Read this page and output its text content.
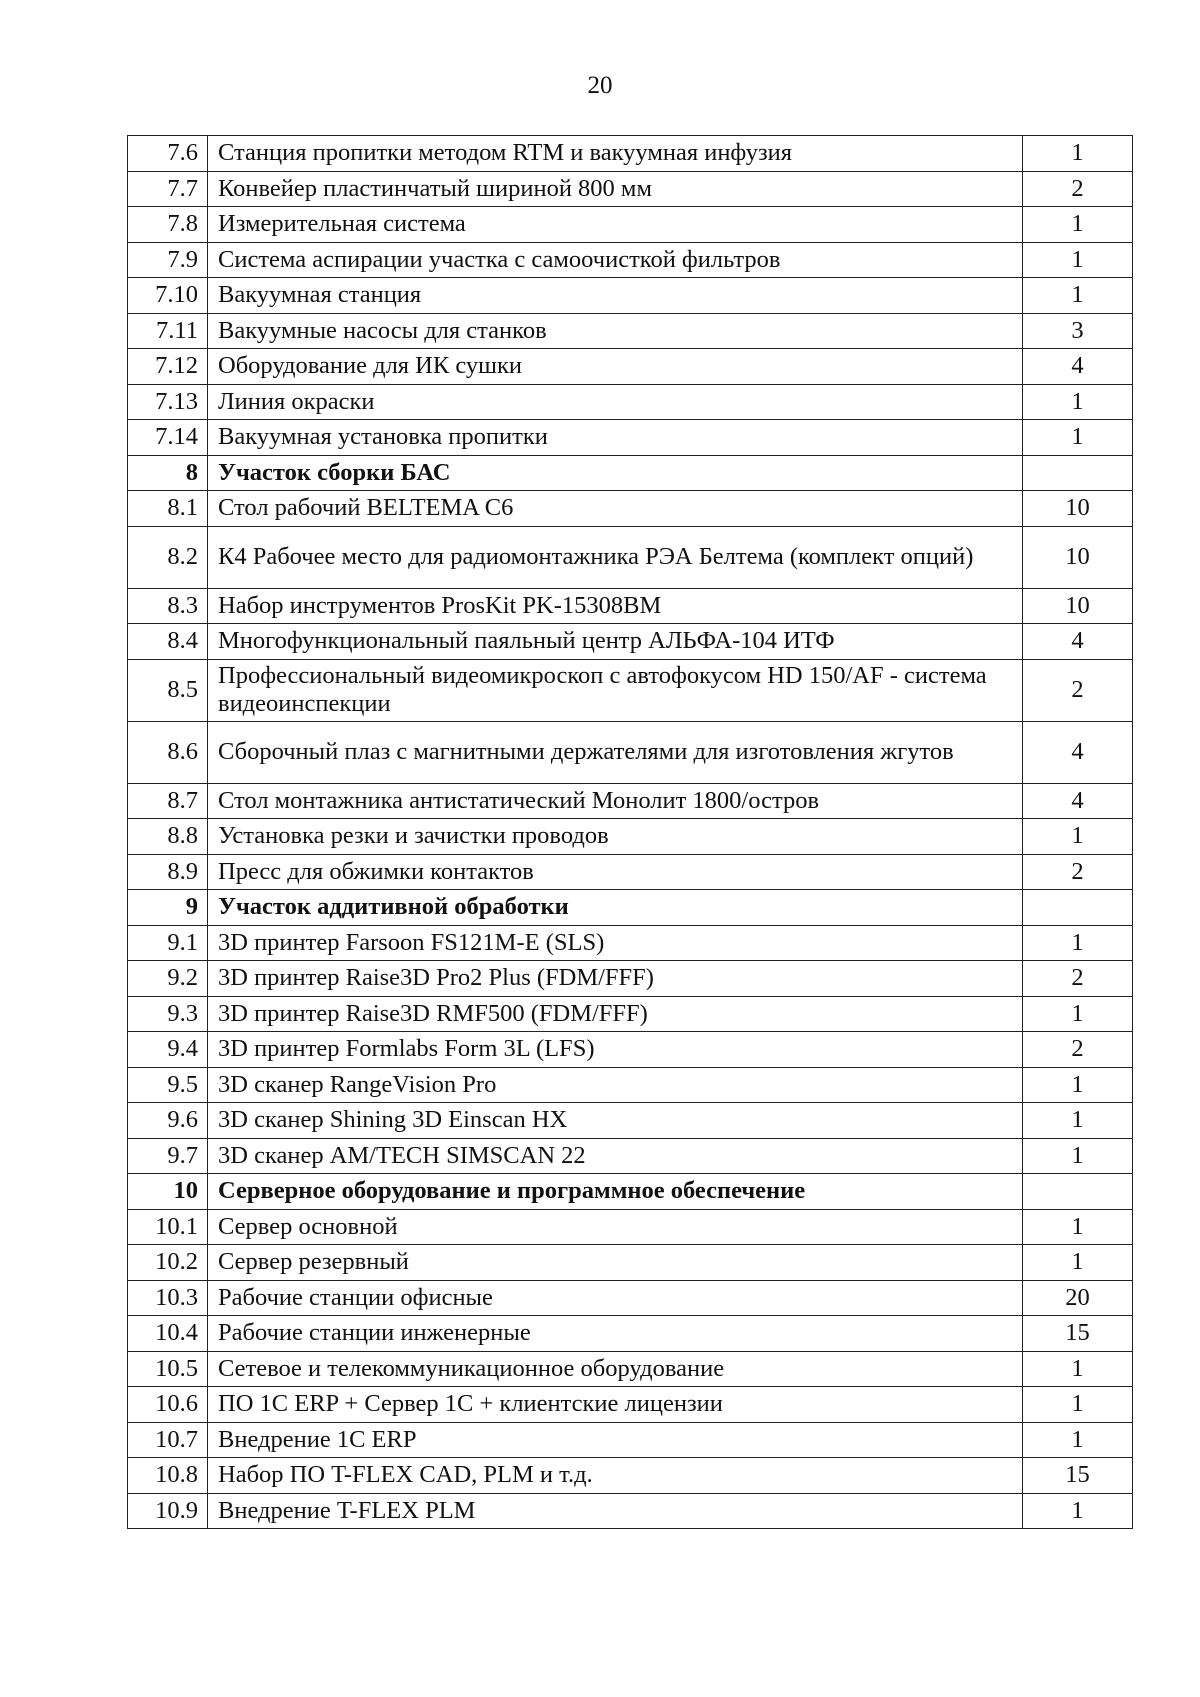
20
7.6	Станция пропитки методом RTM и вакуумная инфузия	1
7.7	Конвейер пластинчатый шириной 800 мм	2
7.8	Измерительная система	1
7.9	Система аспирации участка с самоочисткой фильтров	1
7.10	Вакуумная станция	1
7.11	Вакуумные насосы для станков	3
7.12	Оборудование для ИК сушки	4
7.13	Линия окраски	1
7.14	Вакуумная установка пропитки	1
8	Участок сборки БАС	
8.1	Стол рабочий BELTEMA C6	10
8.2	К4 Рабочее место для радиомонтажника РЭА Белтема (комплект опций)	10
8.3	Набор инструментов ProsKit PK-15308BM	10
8.4	Многофункциональный паяльный центр АЛЬФА-104 ИТФ	4
8.5	Профессиональный видеомикроскоп с автофокусом HD 150/AF - система видеоинспекции	2
8.6	Сборочный плаз с магнитными держателями для изготовления жгутов	4
8.7	Стол монтажника антистатический Монолит 1800/остров	4
8.8	Установка резки и зачистки проводов	1
8.9	Пресс для обжимки контактов	2
9	Участок аддитивной обработки	
9.1	3D принтер Farsoon FS121M-E (SLS)	1
9.2	3D принтер Raise3D Pro2 Plus (FDM/FFF)	2
9.3	3D принтер Raise3D RMF500 (FDM/FFF)	1
9.4	3D принтер Formlabs Form 3L (LFS)	2
9.5	3D сканер RangeVision Pro	1
9.6	3D сканер Shining 3D Einscan HX	1
9.7	3D сканер AM/TECH SIMSCAN 22	1
10	Серверное оборудование и программное обеспечение	
10.1	Сервер основной	1
10.2	Сервер резервный	1
10.3	Рабочие станции офисные	20
10.4	Рабочие станции инженерные	15
10.5	Сетевое и телекоммуникационное оборудование	1
10.6	ПО 1С ERP + Сервер 1С + клиентские лицензии	1
10.7	Внедрение 1С ERP	1
10.8	Набор ПО T-FLEX CAD, PLM и т.д.	15
10.9	Внедрение T-FLEX PLM	1
